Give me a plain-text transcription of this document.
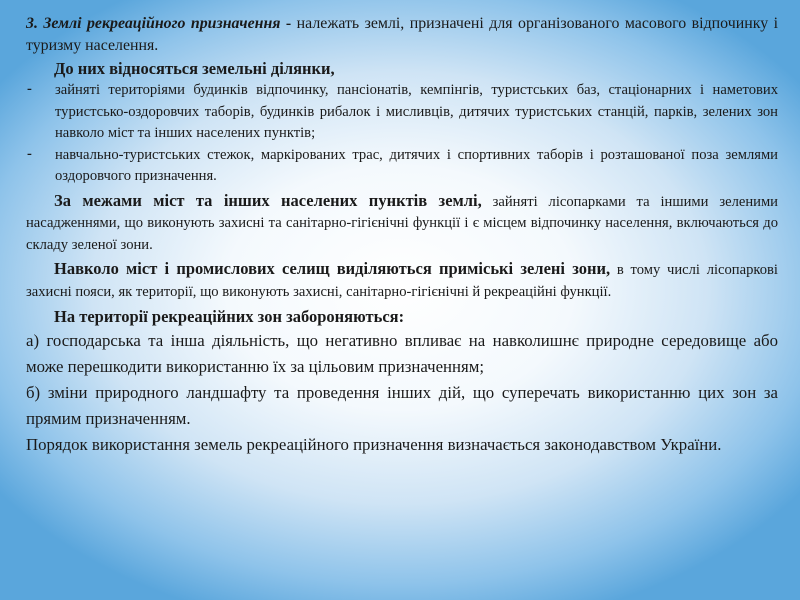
3. Землі рекреаційного призначення - належать землі, призначені для організованого масового відпочинку і туризму населення.

До них відносяться земельні ділянки,

- зайняті територіями будинків відпочинку, пансіонатів, кемпінгів, туристських баз, стаціонарних і наметових туристсько-оздоровчих таборів, будинків рибалок і мисливців, дитячих туристських станцій, парків, зелених зон навколо міст та інших населених пунктів;
- навчально-туристських стежок, маркірованих трас, дитячих і спортивних таборів і розташованої поза землями оздоровчого призначення.

За межами міст та інших населених пунктів землі, зайняті лісопарками та іншими зеленими насадженнями, що виконують захисні та санітарно-гігієнічні функції і є місцем відпочинку населення, включаються до складу зеленої зони.

Навколо міст і промислових селищ виділяються приміські зелені зони, в тому числі лісопаркові захисні пояси, як території, що виконують захисні, санітарно-гігієнічні й рекреаційні функції.

На території рекреаційних зон забороняються:

а) господарська та інша діяльність, що негативно впливає на навколишнє природне середовище або може перешкодити використанню їх за цільовим призначенням;

б) зміни природного ландшафту та проведення інших дій, що суперечать використанню цих зон за прямим призначенням.

Порядок використання земель рекреаційного призначення визначається законодавством України.
